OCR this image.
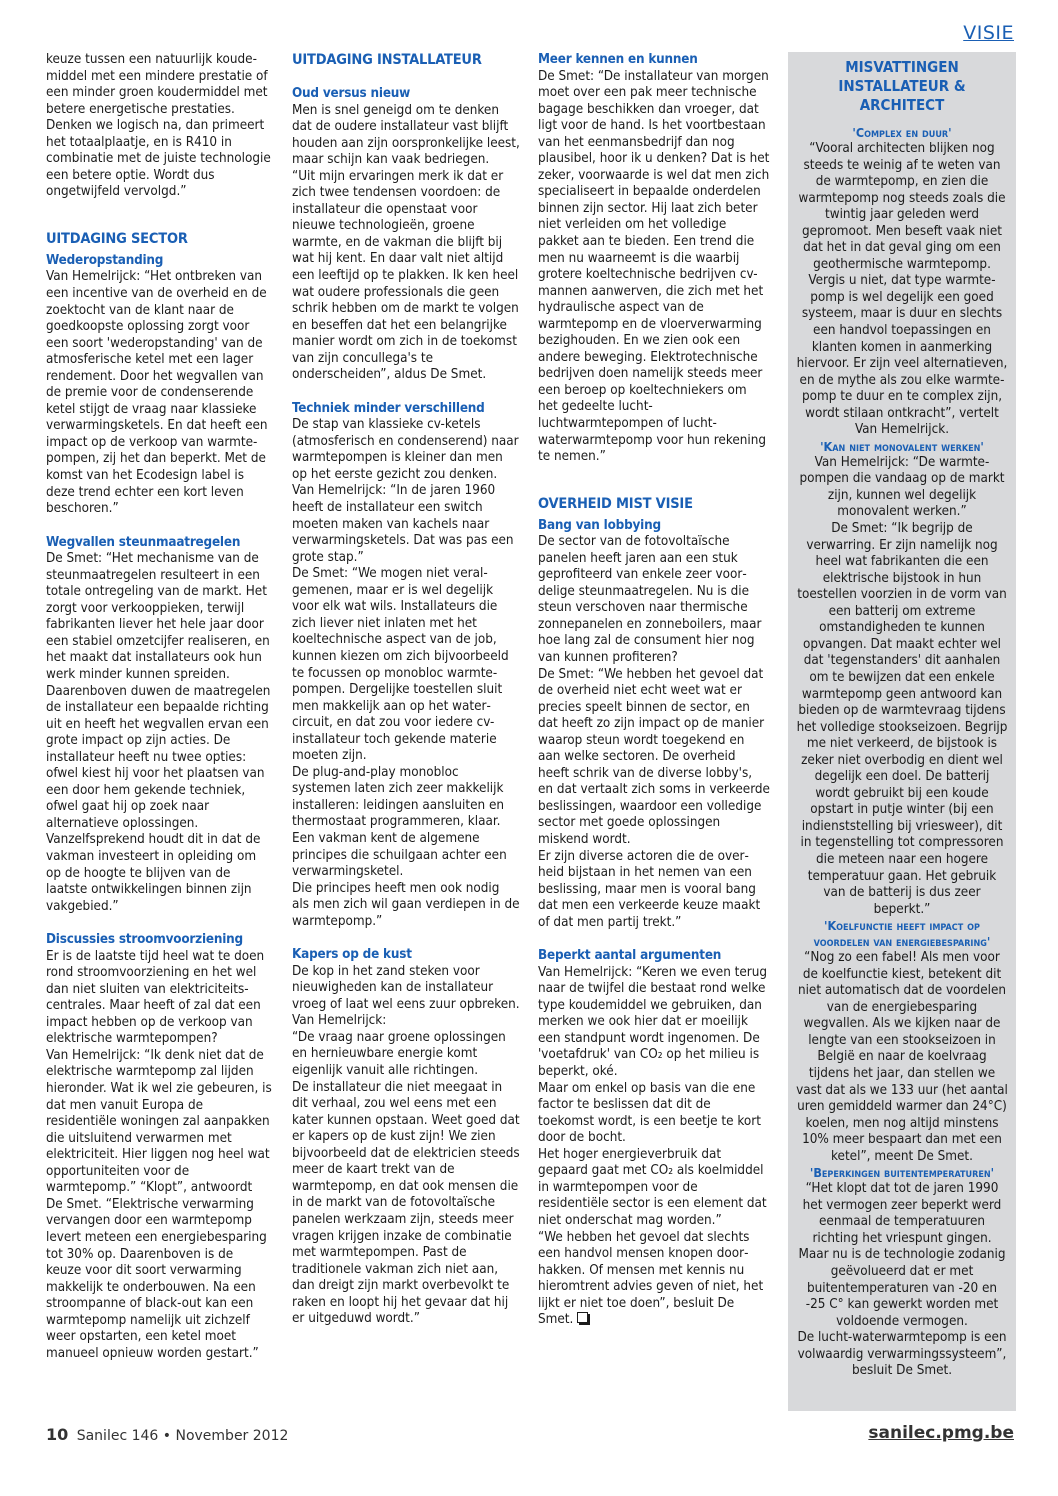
VISIE

keuze tussen een natuurlijk koudemiddel met een mindere prestatie of een minder groen koudermiddel met betere energetische prestaties. Denken we logisch na, dan primeert het totaalplaatje, en is R410 in combinatie met de juiste technologie een betere optie. Wordt dus ongetwijfeld vervolgd.”

UITDAGING SECTOR

Wederopstanding

Van Hemelrijck: “Het ontbreken van een incentive van de overheid en de zoektocht van de klant naar de goedkoopste oplossing zorgt voor een soort 'wederopstanding' van de atmosferische ketel met een lager rendement. Door het wegvallen van de premie voor de condenserende ketel stijgt de vraag naar klassieke verwarmingsketels. En dat heeft een impact op de verkoop van warmtepompen, zij het dan beperkt. Met de komst van het Ecodesign label is deze trend echter een kort leven beschoren.”

Wegvallen steunmaatregelen

De Smet: “Het mechanisme van de steunmaatregelen resulteert in een totale ontregeling van de markt. Het zorgt voor verkooppieken, terwijl fabrikanten liever het hele jaar door een stabiel omzetcijfer realiseren, en het maakt dat installateurs ook hun werk minder kunnen spreiden. Daarenboven duwen de maatregelen de installateur een bepaalde richting uit en heeft het wegvallen ervan een grote impact op zijn acties. De installateur heeft nu twee opties: ofwel kiest hij voor het plaatsen van een door hem gekende techniek, ofwel gaat hij op zoek naar alternatieve oplossingen. Vanzelfsprekend houdt dit in dat de vakman investeert in opleiding om op de hoogte te blijven van de laatste ontwikkelingen binnen zijn vakgebied.”

Discussies stroomvoorziening

Er is de laatste tijd heel wat te doen rond stroomvoorziening en het wel dan niet sluiten van elektriciteitscentrales. Maar heeft of zal dat een impact hebben op de verkoop van elektrische warmtepompen?

Van Hemelrijck: “Ik denk niet dat de elektrische warmtepomp zal lijden hieronder. Wat ik wel zie gebeuren, is dat men vanuit Europa de residentiële woningen zal aanpakken die uitsluitend verwarmen met elektriciteit. Hier liggen nog heel wat opportuniteiten voor de warmtepomp.” “Klopt”, antwoordt De Smet. “Elektrische verwarming vervangen door een warmtepomp levert meteen een energiebesparing tot 30% op. Daarenboven is de keuze voor dit soort verwarming makkelijk te onderbouwen. Na een stroompanne of black-out kan een warmtepomp namelijk uit zichzelf weer opstarten, een ketel moet manueel opnieuw worden gestart.”

UITDAGING INSTALLATEUR

Oud versus nieuw

Men is snel geneigd om te denken dat de oudere installateur vast blijft houden aan zijn oorspronkelijke leest, maar schijn kan vaak bedriegen.

“Uit mijn ervaringen merk ik dat er zich twee tendensen voordoen: de installateur die openstaat voor nieuwe technologieën, groene warmte, en de vakman die blijft bij wat hij kent. En daar valt niet altijd een leeftijd op te plakken. Ik ken heel wat oudere professionals die geen schrik hebben om de markt te volgen en beseffen dat het een belangrijke manier wordt om zich in de toekomst van zijn concullega's te onderscheiden”, aldus De Smet.

Techniek minder verschillend

De stap van klassieke cv-ketels (atmosferisch en condenserend) naar warmtepompen is kleiner dan men op het eerste gezicht zou denken. Van Hemelrijck: “In de jaren 1960 heeft de installateur een switch moeten maken van kachels naar verwarmingsketels. Dat was pas een grote stap.”

De Smet: “We mogen niet veralgemenen, maar er is wel degelijk voor elk wat wils. Installateurs die zich liever niet inlaten met het koeltechnische aspect van de job, kunnen kiezen om zich bijvoorbeeld te focussen op monobloc warmtepompen. Dergelijke toestellen sluit men makkelijk aan op het watercircuit, en dat zou voor iedere cv-installateur toch gekende materie moeten zijn.

De plug-and-play monobloc systemen laten zich zeer makkelijk installeren: leidingen aansluiten en thermostaat programmeren, klaar. Een vakman kent de algemene principes die schuilgaan achter een verwarmingsketel.

Die principes heeft men ook nodig als men zich wil gaan verdiepen in de warmtepomp.”

Kapers op de kust

De kop in het zand steken voor nieuwigheden kan de installateur vroeg of laat wel eens zuur opbreken. Van Hemelrijck:

“De vraag naar groene oplossingen en hernieuwbare energie komt eigenlijk vanuit alle richtingen.

De installateur die niet meegaat in dit verhaal, zou wel eens met een kater kunnen opstaan. Weet goed dat er kapers op de kust zijn! We zien bijvoorbeeld dat de elektricien steeds meer de kaart trekt van de warmtepomp, en dat ook mensen die in de markt van de fotovoltaïsche panelen werkzaam zijn, steeds meer vragen krijgen inzake de combinatie met warmtepompen. Past de traditionele vakman zich niet aan, dan dreigt zijn markt overbevolkt te raken en loopt hij het gevaar dat hij er uitgeduwd wordt.”

Meer kennen en kunnen

De Smet: “De installateur van morgen moet over een pak meer technische bagage beschikken dan vroeger, dat ligt voor de hand. Is het voortbestaan van het eenmansbedrijf dan nog plausibel, hoor ik u denken? Dat is het zeker, voorwaarde is wel dat men zich specialiseert in bepaalde onderdelen binnen zijn sector. Hij laat zich beter niet verleiden om het volledige pakket aan te bieden. Een trend die men nu waarneemt is die waarbij grotere koeltechnische bedrijven cv-mannen aanwerven, die zich met het hydraulische aspect van de warmtepomp en de vloerverwarming bezighouden. En we zien ook een andere beweging. Elektrotechnische bedrijven doen namelijk steeds meer een beroep op koeltechniekers om het gedeelte lucht-luchtwarmtepompen of lucht-waterwarmtepomp voor hun rekening te nemen.”

OVERHEID MIST VISIE

Bang van lobbying

De sector van de fotovoltaïsche panelen heeft jaren aan een stuk geprofiteerd van enkele zeer voordelige steunmaatregelen. Nu is die steun verschoven naar thermische zonnepanelen en zonneboilers, maar hoe lang zal de consument hier nog van kunnen profiteren?

De Smet: “We hebben het gevoel dat de overheid niet echt weet wat er precies speelt binnen de sector, en dat heeft zo zijn impact op de manier waarop steun wordt toegekend en aan welke sectoren. De overheid heeft schrik van de diverse lobby's, en dat vertaalt zich soms in verkeerde beslissingen, waardoor een volledige sector met goede oplossingen miskend wordt.

Er zijn diverse actoren die de overheid bijstaan in het nemen van een beslissing, maar men is vooral bang dat men een verkeerde keuze maakt of dat men partij trekt.”

Beperkt aantal argumenten

Van Hemelrijck: “Keren we even terug naar de twijfel die bestaat rond welke type koudemiddel we gebruiken, dan merken we ook hier dat er moeilijk een standpunt wordt ingenomen. De 'voetafdruk' van CO₂ op het milieu is beperkt, oké.

Maar om enkel op basis van die ene factor te beslissen dat dit de toekomst wordt, is een beetje te kort door de bocht.

Het hoger energieverbruik dat gepaard gaat met CO₂ als koelmiddel in warmtepompen voor de residentiële sector is een element dat niet onderschat mag worden.”

“We hebben het gevoel dat slechts een handvol mensen knopen doorhakken. Of mensen met kennis nu hieromtrent advies geven of niet, het lijkt er niet toe doen”, besluit De Smet.

MISVATTINGEN INSTALLATEUR & ARCHITECT

'Complex en duur'

“Vooral architecten blijken nog steeds te weinig af te weten van de warmtepomp, en zien die warmtepomp nog steeds zoals die twintig jaar geleden werd gepromoot. Men beseft vaak niet dat het in dat geval ging om een geothermische warmtepomp. Vergis u niet, dat type warmtepomp is wel degelijk een goed systeem, maar is duur en slechts een handvol toepassingen en klanten komen in aanmerking hiervoor. Er zijn veel alternatieven, en de mythe als zou elke warmtepomp te duur en te complex zijn, wordt stilaan ontkracht”, vertelt Van Hemelrijck.

'Kan niet monovalent werken'

Van Hemelrijck: “De warmtepompen die vandaag op de markt zijn, kunnen wel degelijk monovalent werken.”

De Smet: “Ik begrijp de verwarring. Er zijn namelijk nog heel wat fabrikanten die een elektrische bijstook in hun toestellen voorzien in de vorm van een batterij om extreme omstandigheden te kunnen opvangen. Dat maakt echter wel dat 'tegenstanders' dit aanhalen om te bewijzen dat een enkele warmtepomp geen antwoord kan bieden op de warmtevraag tijdens het volledige stookseizoen. Begrijp me niet verkeerd, de bijstook is zeker niet overbodig en dient wel degelijk een doel. De batterij wordt gebruikt bij een koude opstart in putje winter (bij een indienststelling bij vriesweer), dit in tegenstelling tot compressoren die meteen naar een hogere temperatuur gaan. Het gebruik van de batterij is dus zeer beperkt.”

'Koelfunctie heeft impact op voordelen van energiebesparing'

“Nog zo een fabel! Als men voor de koelfunctie kiest, betekent dit niet automatisch dat de voordelen van de energiebesparing wegvallen. Als we kijken naar de lengte van een stookseizoen in België en naar de koelvraag tijdens het jaar, dan stellen we vast dat als we 133 uur (het aantal uren gemiddeld warmer dan 24°C) koelen, men nog altijd minstens 10% meer bespaart dan met een ketel”, meent De Smet.

'Beperkingen buitentemperaturen'

“Het klopt dat tot de jaren 1990 het vermogen zeer beperkt werd eenmaal de temperatuuren richting het vriespunt gingen.

Maar nu is de technologie zodanig geëvolueerd dat er met buitentemperaturen van -20 en -25 C° kan gewerkt worden met voldoende vermogen.

De lucht-waterwarmtepomp is een volwaardig verwarmingssysteem”, besluit De Smet.

10 Sanilec 146 • November 2012	sanilec.pmg.be
